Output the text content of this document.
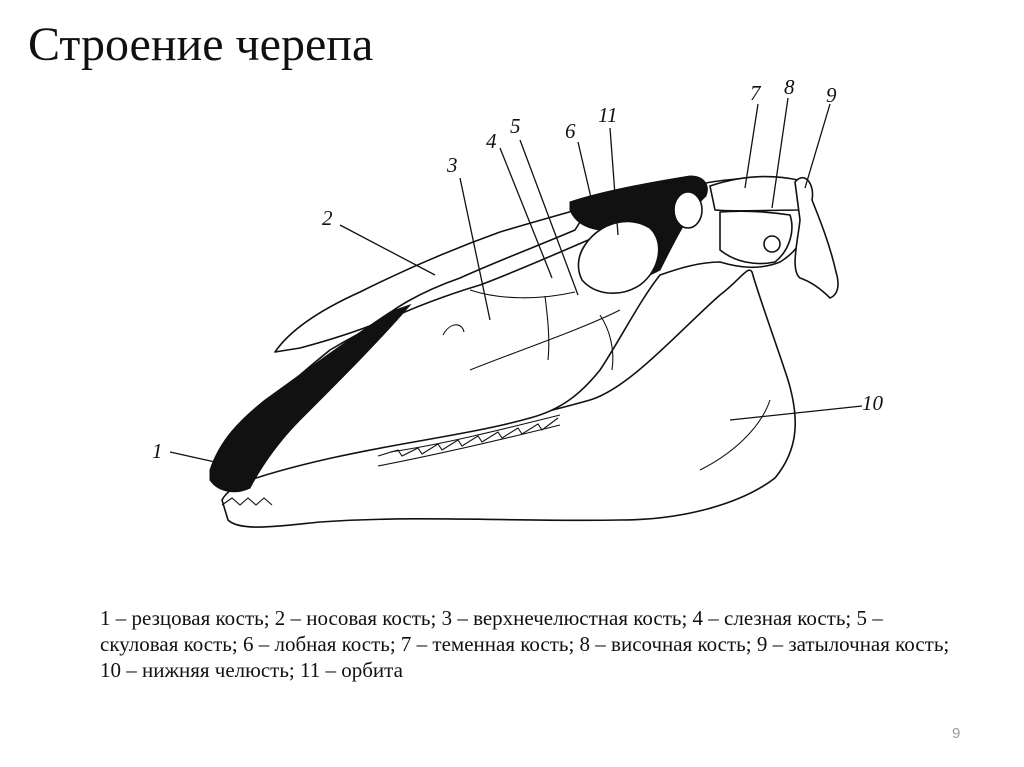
Строение черепа
1
2
3
4
5 6
7 8 9
10
11

1 – резцовая кость; 2 – носовая кость; 3 – верхнечелюстная кость; 4 – слезная кость; 5 – скуловая кость; 6 – лобная кость; 7 – теменная кость; 8 – височная кость; 9 – затылочная кость; 10 – нижняя челюсть; 11 – орбита

9
